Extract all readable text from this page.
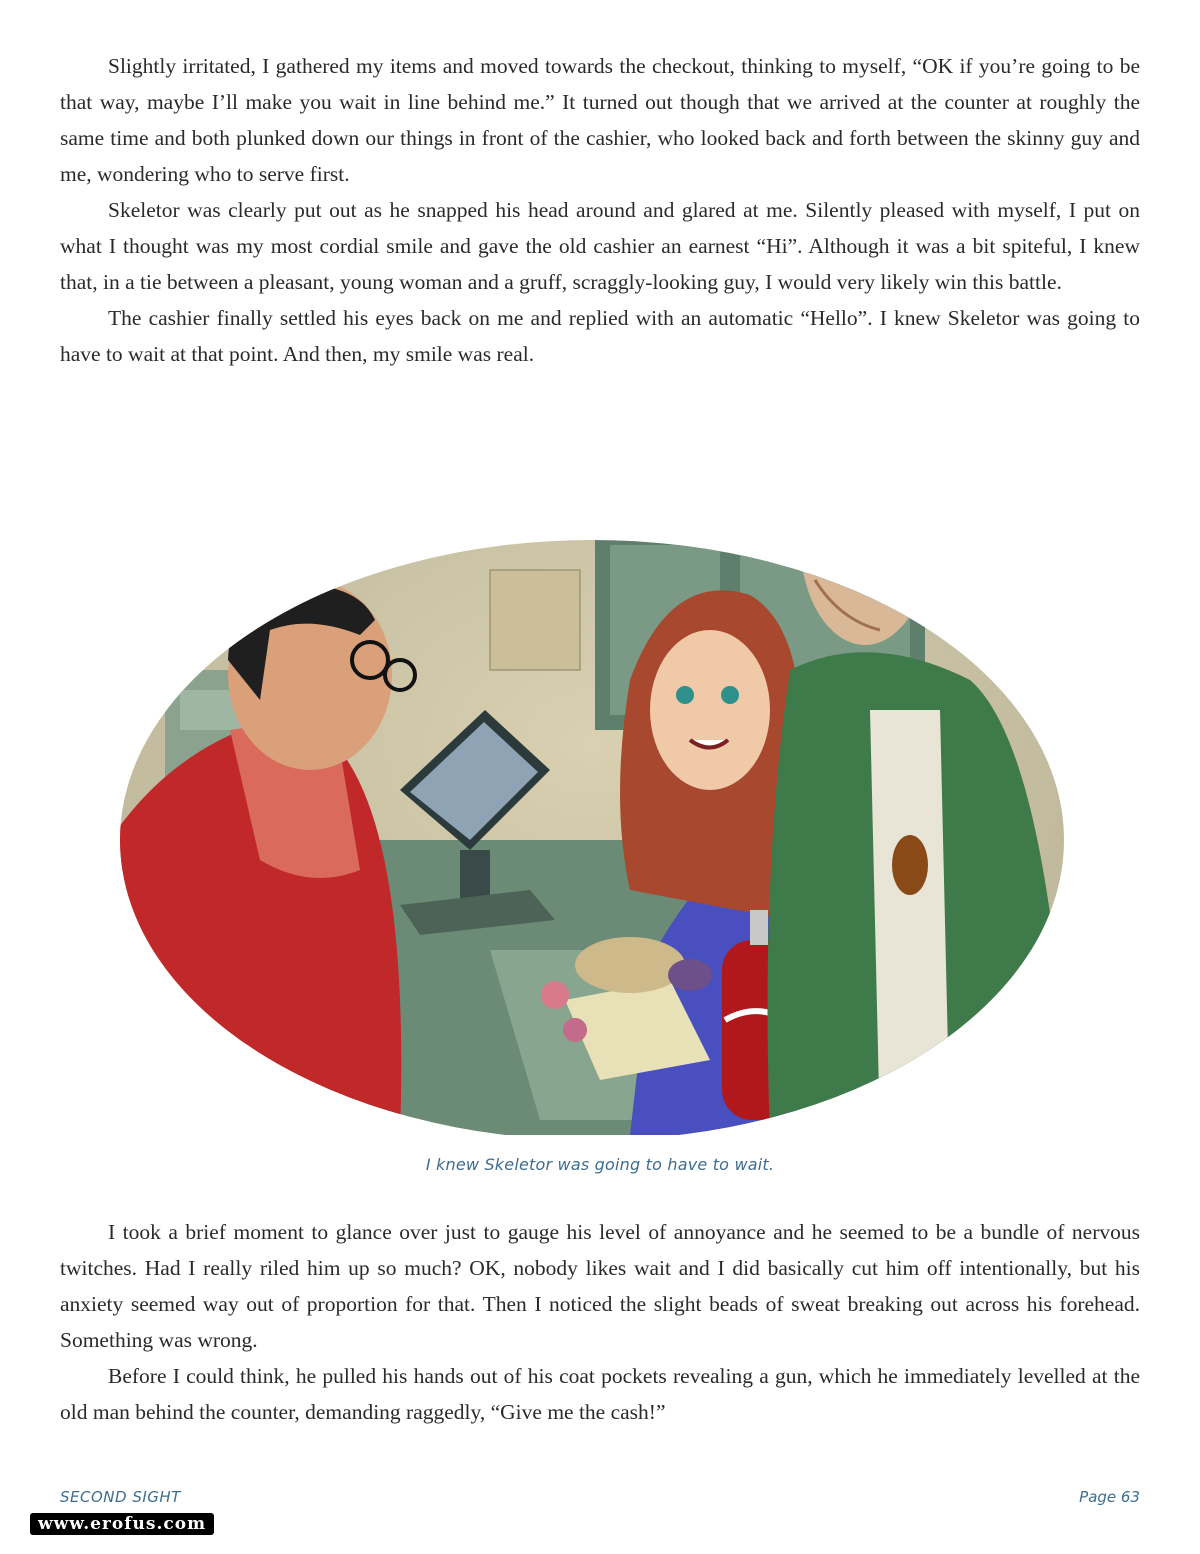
Slightly irritated, I gathered my items and moved towards the checkout, thinking to myself, “OK if you’re going to be that way, maybe I’ll make you wait in line behind me.” It turned out though that we arrived at the counter at roughly the same time and both plunked down our things in front of the cashier, who looked back and forth between the skinny guy and me, wondering who to serve first.

Skeletor was clearly put out as he snapped his head around and glared at me. Silently pleased with myself, I put on what I thought was my most cordial smile and gave the old cashier an earnest “Hi”. Although it was a bit spiteful, I knew that, in a tie between a pleasant, young woman and a gruff, scraggly-looking guy, I would very likely win this battle.

The cashier finally settled his eyes back on me and replied with an automatic “Hello”. I knew Skeletor was going to have to wait at that point. And then, my smile was real.

I knew Skeletor was going to have to wait.

I took a brief moment to glance over just to gauge his level of annoyance and he seemed to be a bundle of nervous twitches. Had I really riled him up so much? OK, nobody likes wait and I did basically cut him off intentionally, but his anxiety seemed way out of proportion for that. Then I noticed the slight beads of sweat breaking out across his forehead. Something was wrong.

Before I could think, he pulled his hands out of his coat pockets revealing a gun, which he immediately levelled at the old man behind the counter, demanding raggedly, “Give me the cash!”

SECOND SIGHT	Page 63
www.erofus.com
